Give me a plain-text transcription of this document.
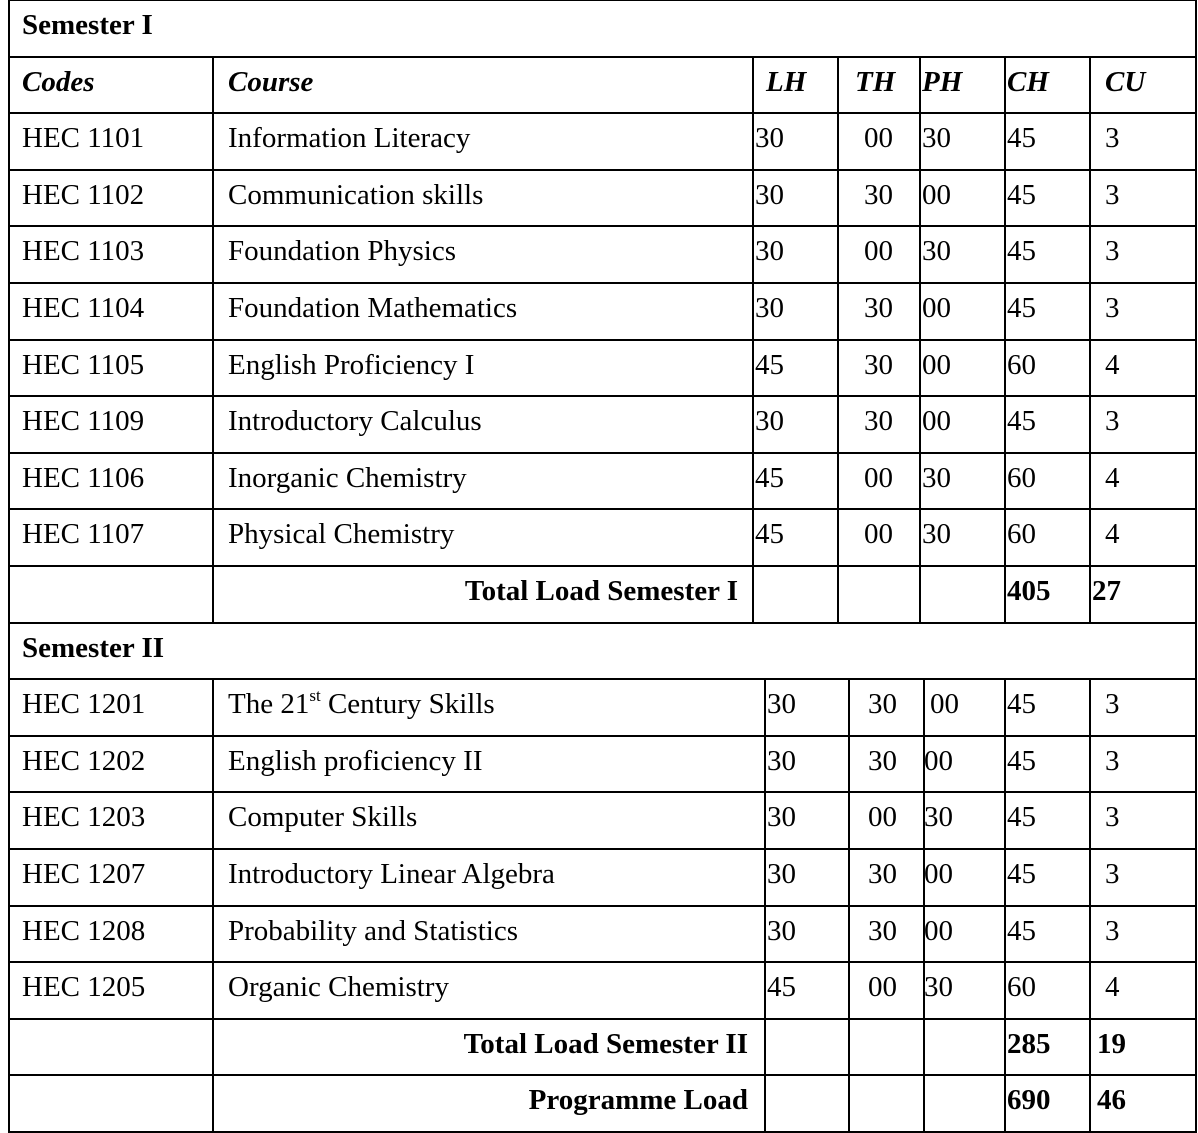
Semester I
Codes	Course	LH TH PH CH CU
HEC 1101	Information Literacy	30	00 30 45 3
HEC 1102	Communication skills	30	30 00 45 3
HEC 1103	Foundation Physics	30	00 30 45 3
HEC 1104	Foundation Mathematics	30	30 00 45 3
HEC 1105	English Proficiency I	45	30 00 60 4
HEC 1109	Introductory Calculus	30	30 00 45 3
HEC 1106	Inorganic Chemistry	45	00 30 60 4
HEC 1107	Physical Chemistry	45	00 30 60 4
Total Load Semester I	405 27
Semester II
HEC 1201	The 21st Century Skills	30 30 00 45 3
HEC 1202	English proficiency II	30 30 00 45 3
HEC 1203	Computer Skills	30 00 30 45 3
HEC 1207	Introductory Linear Algebra	30 30 00 45 3
HEC 1208	Probability and Statistics	30 30 00 45 3
HEC 1205	Organic Chemistry	45 00 30 60 4
Total Load Semester II	285 19
Programme Load	690 46
